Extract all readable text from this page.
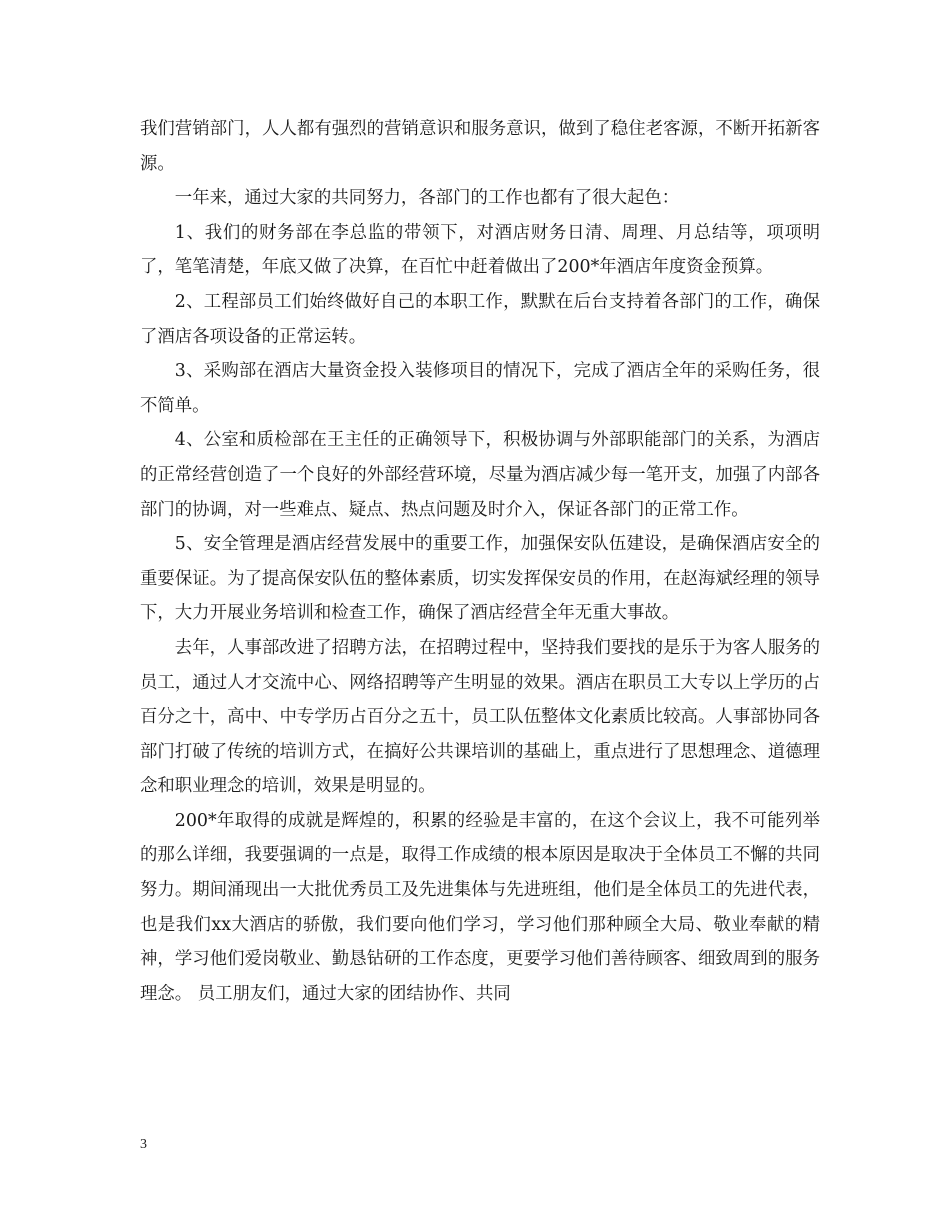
我们营销部门，人人都有强烈的营销意识和服务意识，做到了稳住老客源，不断开拓新客源。

一年来，通过大家的共同努力，各部门的工作也都有了很大起色：

1、我们的财务部在李总监的带领下，对酒店财务日清、周理、月总结等，项项明了，笔笔清楚，年底又做了决算，在百忙中赶着做出了200*年酒店年度资金预算。

2、工程部员工们始终做好自己的本职工作，默默在后台支持着各部门的工作，确保了酒店各项设备的正常运转。

3、采购部在酒店大量资金投入装修项目的情况下，完成了酒店全年的采购任务，很不简单。

4、公室和质检部在王主任的正确领导下，积极协调与外部职能部门的关系，为酒店的正常经营创造了一个良好的外部经营环境，尽量为酒店减少每一笔开支，加强了内部各部门的协调，对一些难点、疑点、热点问题及时介入，保证各部门的正常工作。

5、安全管理是酒店经营发展中的重要工作，加强保安队伍建设，是确保酒店安全的重要保证。为了提高保安队伍的整体素质，切实发挥保安员的作用，在赵海斌经理的领导下，大力开展业务培训和检查工作，确保了酒店经营全年无重大事故。

去年，人事部改进了招聘方法，在招聘过程中，坚持我们要找的是乐于为客人服务的员工，通过人才交流中心、网络招聘等产生明显的效果。酒店在职员工大专以上学历的占百分之十，高中、中专学历占百分之五十，员工队伍整体文化素质比较高。人事部协同各部门打破了传统的培训方式，在搞好公共课培训的基础上，重点进行了思想理念、道德理念和职业理念的培训，效果是明显的。

200*年取得的成就是辉煌的，积累的经验是丰富的，在这个会议上，我不可能列举的那么详细，我要强调的一点是，取得工作成绩的根本原因是取决于全体员工不懈的共同努力。期间涌现出一大批优秀员工及先进集体与先进班组，他们是全体员工的先进代表，也是我们xx大酒店的骄傲，我们要向他们学习，学习他们那种顾全大局、敬业奉献的精神，学习他们爱岗敬业、勤恳钻研的工作态度，更要学习他们善待顾客、细致周到的服务理念。 员工朋友们，通过大家的团结协作、共同

3
